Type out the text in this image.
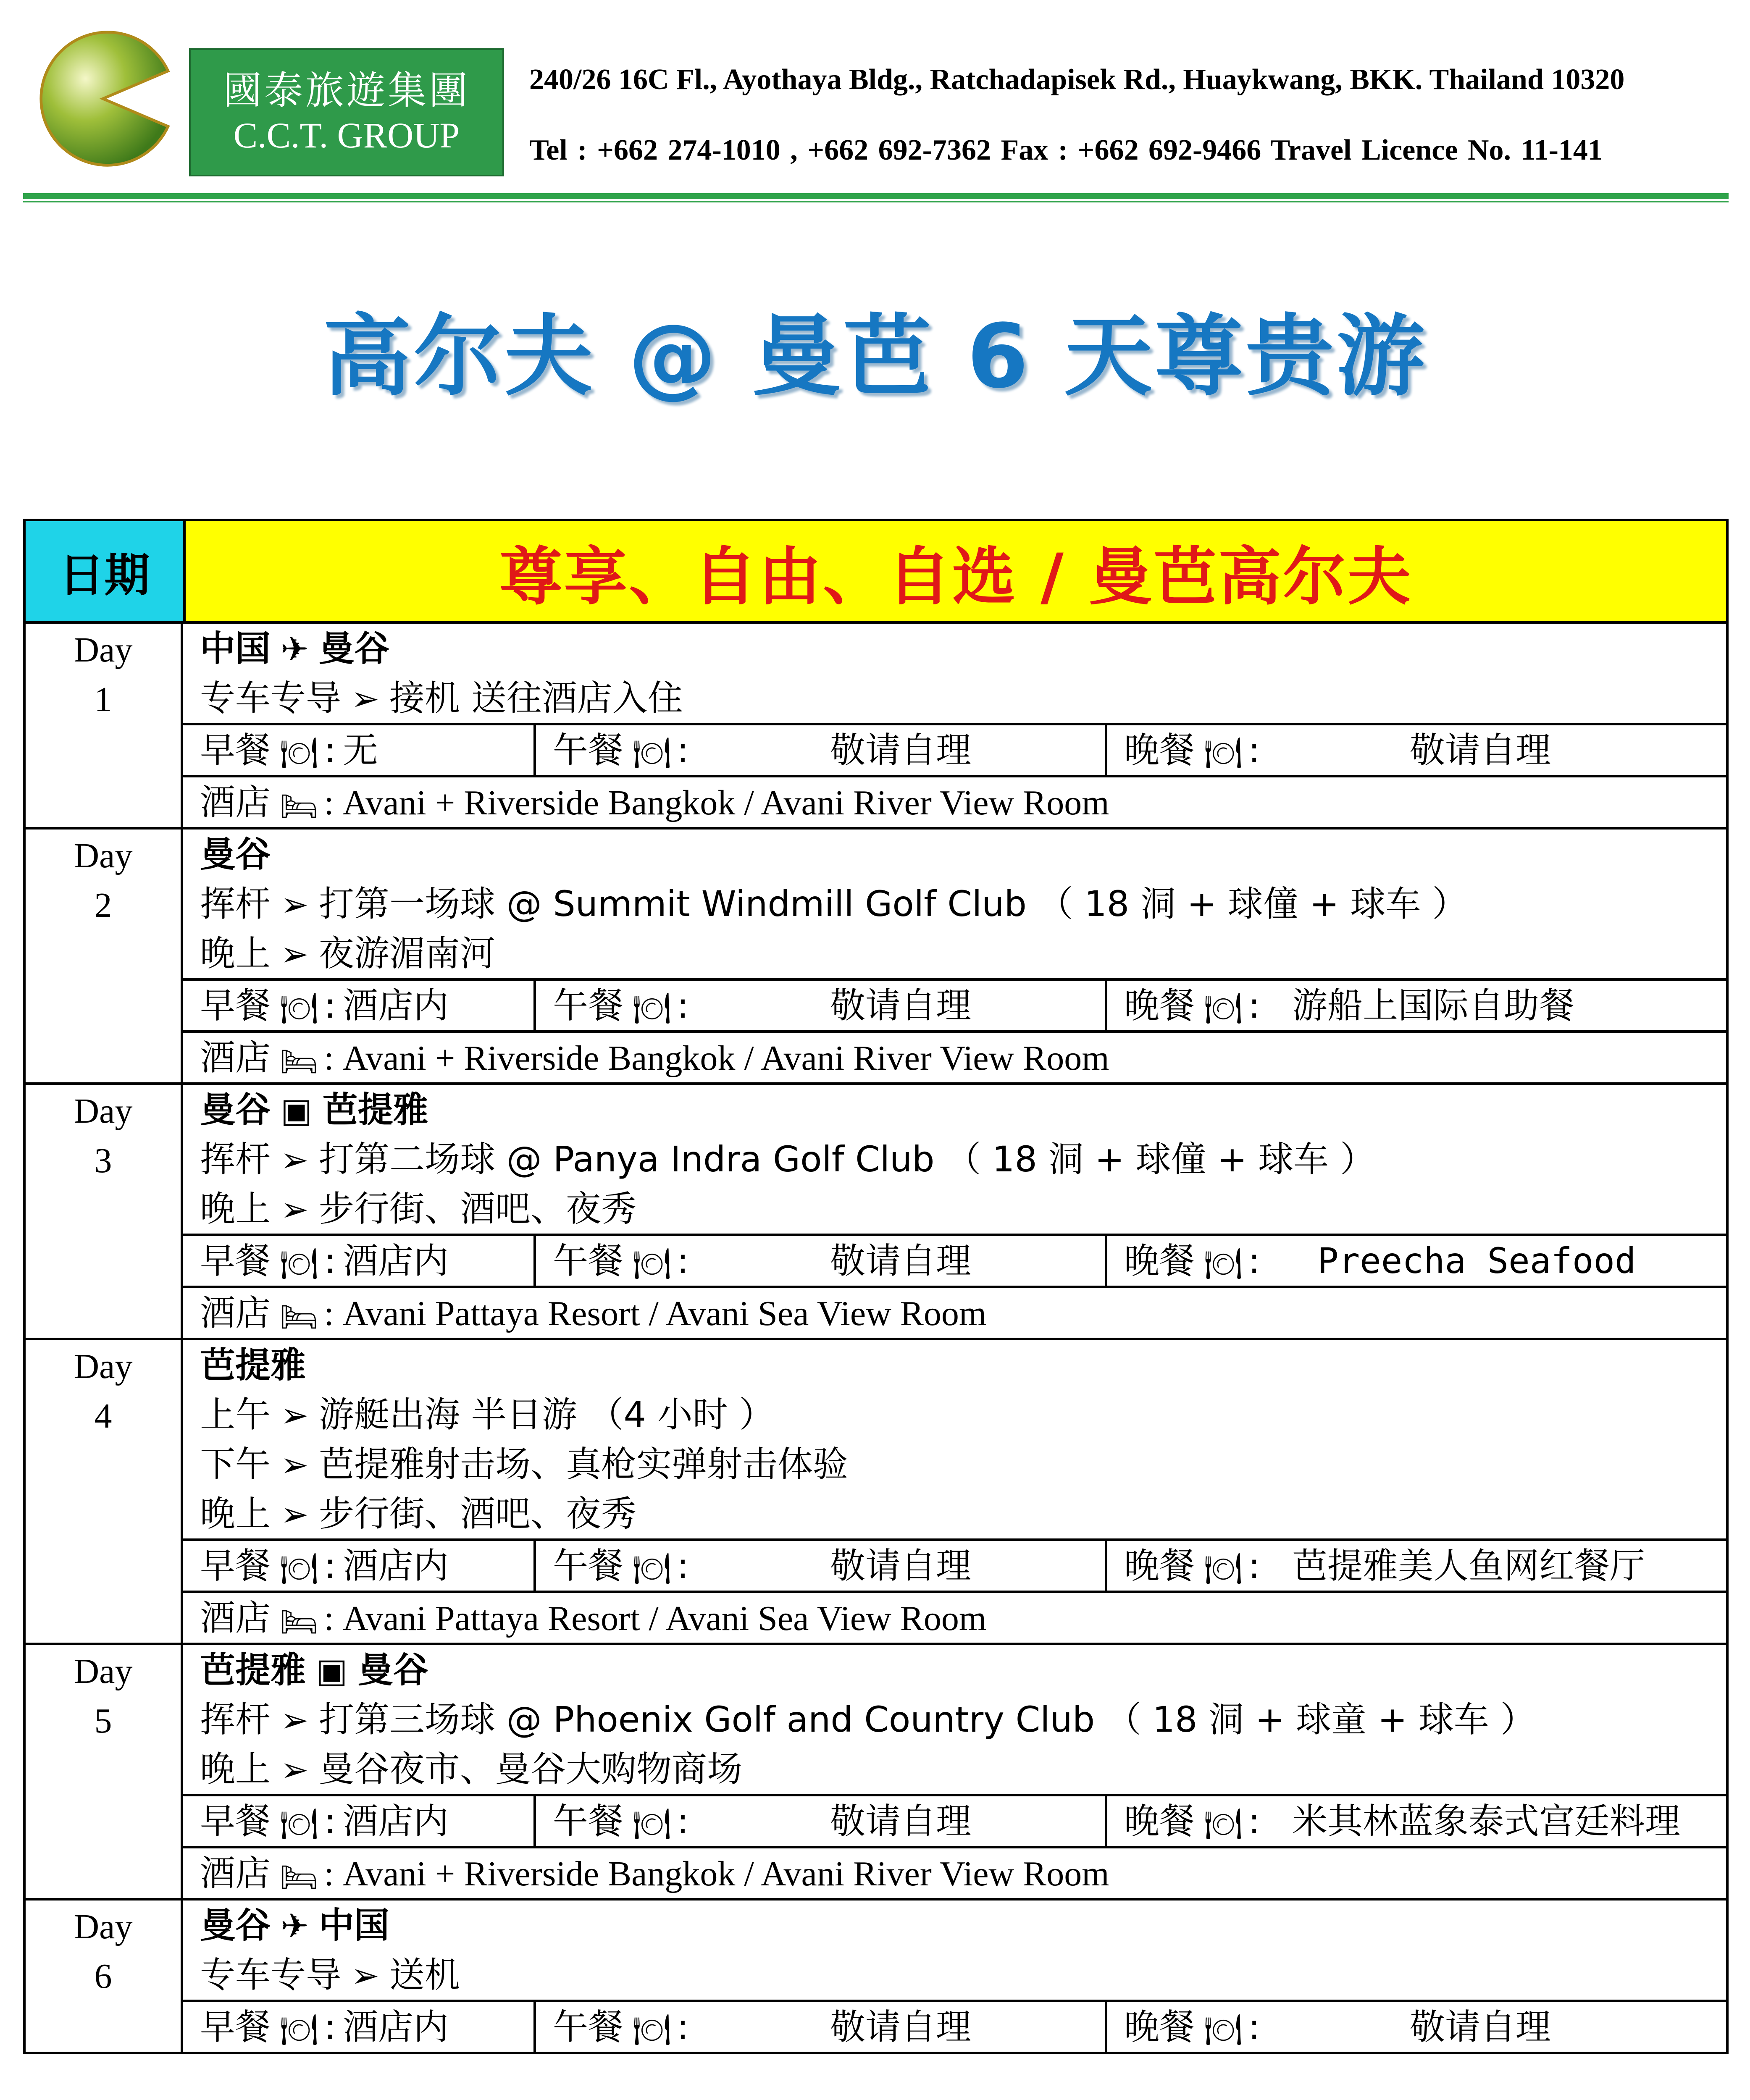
國泰旅遊集團
C.C.T. GROUP
240/26 16C Fl., Ayothaya Bldg., Ratchadapisek Rd., Huaykwang, BKK. Thailand 10320
Tel : +662 274-1010 , +662 692-7362 Fax : +662 692-9466 Travel Licence No. 11-141
高尔夫 @ 曼芭 6 天尊贵游
日期	尊享、自由、自选 / 曼芭高尔夫
Day
1
中国 ✈ 曼谷
专车专导 ➢ 接机 送往酒店入住
早餐 🍽 : 无	午餐 🍽 :	敬请自理	晚餐 🍽 :	敬请自理
酒店 🛏 : Avani + Riverside Bangkok / Avani River View Room
Day
2
曼谷
挥杆 ➢ 打第一场球 @ Summit Windmill Golf Club （ 18 洞 + 球僮 + 球车 ）
晚上 ➢ 夜游湄南河
早餐 🍽 : 酒店内	午餐 🍽 :	敬请自理	晚餐 🍽 : 游船上国际自助餐
酒店 🛏 : Avani + Riverside Bangkok / Avani River View Room
Day
3
曼谷 ▣ 芭提雅
挥杆 ➢ 打第二场球 @ Panya Indra Golf Club （ 18 洞 + 球僮 + 球车 ）
晚上 ➢ 步行街、酒吧、夜秀
早餐 🍽 : 酒店内	午餐 🍽 :	敬请自理	晚餐 🍽 : Preecha Seafood
酒店 🛏 : Avani Pattaya Resort / Avani Sea View Room
Day
4
芭提雅
上午 ➢ 游艇出海 半日游 （4 小时 ）
下午 ➢ 芭提雅射击场、真枪实弹射击体验
晚上 ➢ 步行街、酒吧、夜秀
早餐 🍽 : 酒店内	午餐 🍽 :	敬请自理	晚餐 🍽 : 芭提雅美人鱼网红餐厅
酒店 🛏 : Avani Pattaya Resort / Avani Sea View Room
Day
5
芭提雅 ▣ 曼谷
挥杆 ➢ 打第三场球 @ Phoenix Golf and Country Club （ 18 洞 + 球童 + 球车 ）
晚上 ➢ 曼谷夜市、曼谷大购物商场
早餐 🍽 : 酒店内	午餐 🍽 :	敬请自理	晚餐 🍽 : 米其林蓝象泰式宫廷料理
酒店 🛏 : Avani + Riverside Bangkok / Avani River View Room
Day
6
曼谷 ✈ 中国
专车专导 ➢ 送机
早餐 🍽 : 酒店内	午餐 🍽 :	敬请自理	晚餐 🍽 :	敬请自理
